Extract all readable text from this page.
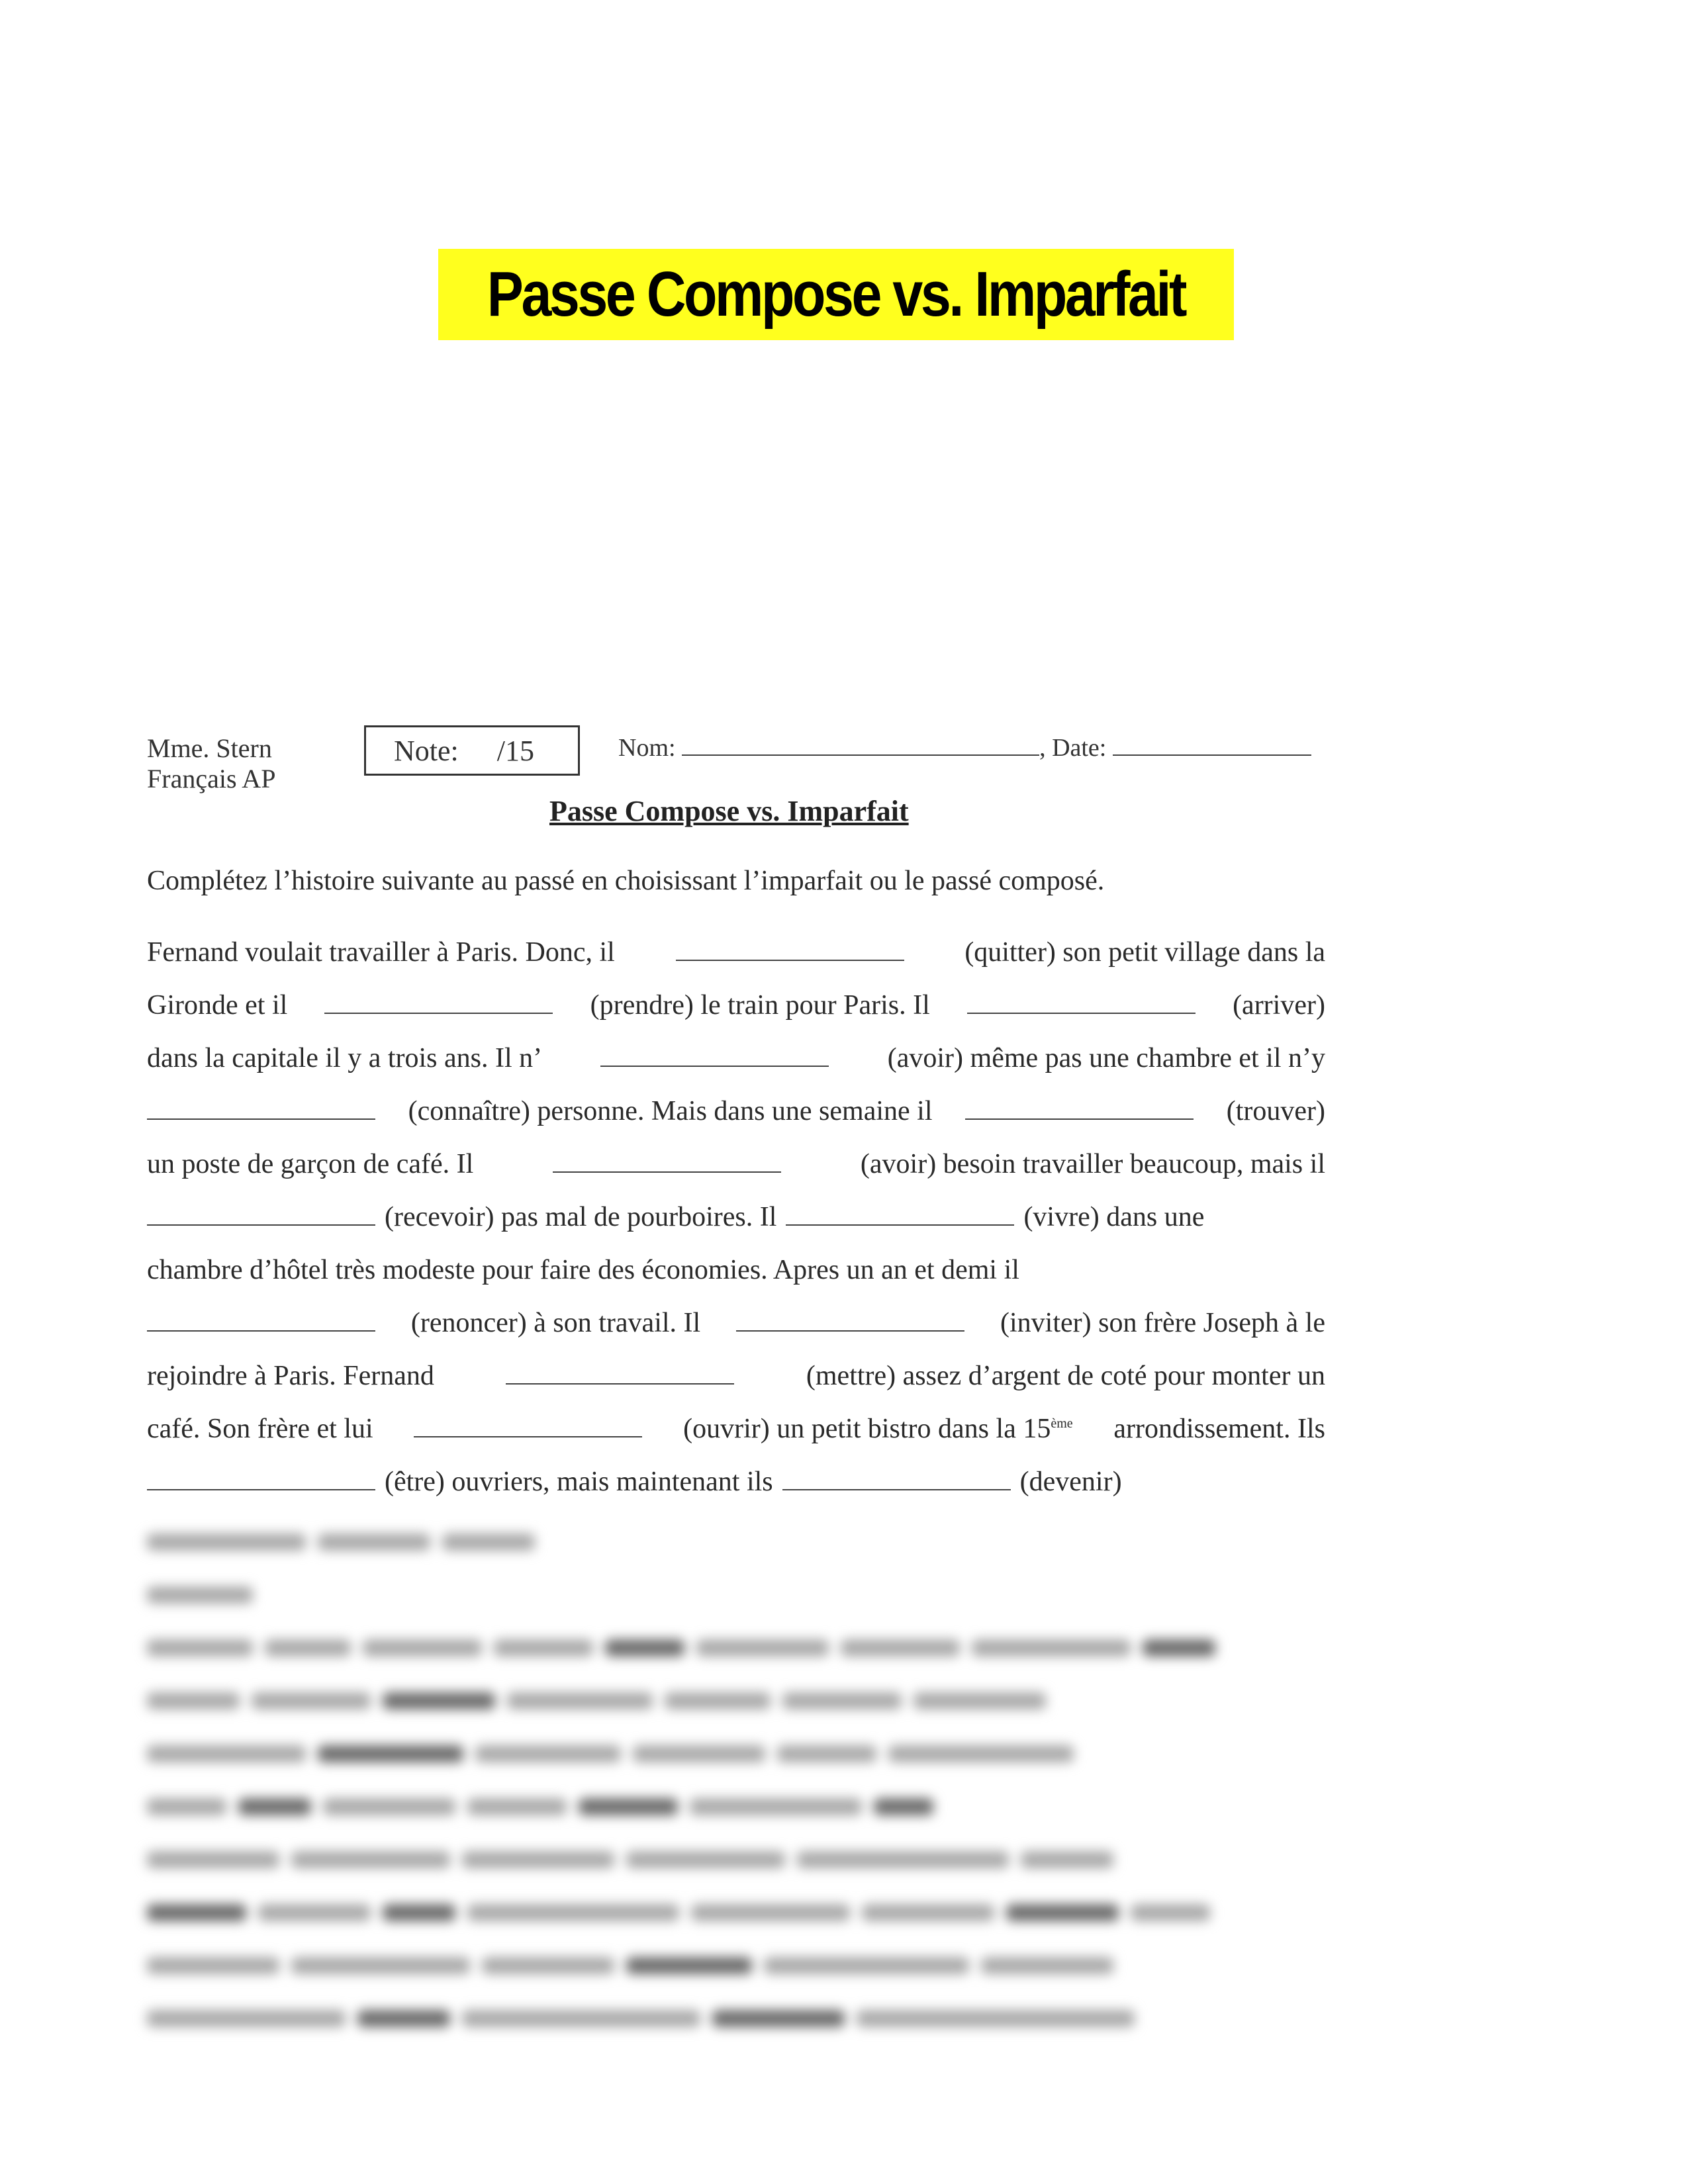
Passe Compose vs. Imparfait
Mme. Stern
Français AP
Note: /15	Nom:	, Date:
Passe Compose vs. Imparfait
Complétez l’histoire suivante au passé en choisissant l’imparfait ou le passé composé.
Fernand voulait travailler à Paris. Donc, il	(quitter) son petit village dans la
Gironde et il	(prendre) le train pour Paris. Il	(arriver)
dans la capitale il y a trois ans. Il n’	(avoir) même pas une chambre et il n’y
(connaître) personne. Mais dans une semaine il	(trouver)
un poste de garçon de café. Il	(avoir) besoin travailler beaucoup, mais il
(recevoir) pas mal de pourboires. Il	(vivre) dans une
chambre d’hôtel très modeste pour faire des économies. Apres un an et demi il
(renoncer) à son travail. Il	(inviter) son frère Joseph à le
rejoindre à Paris. Fernand	(mettre) assez d’argent de coté pour monter un
café. Son frère et lui	(ouvrir) un petit bistro dans la 15ème arrondissement. Ils
(être) ouvriers, mais maintenant ils	(devenir)
